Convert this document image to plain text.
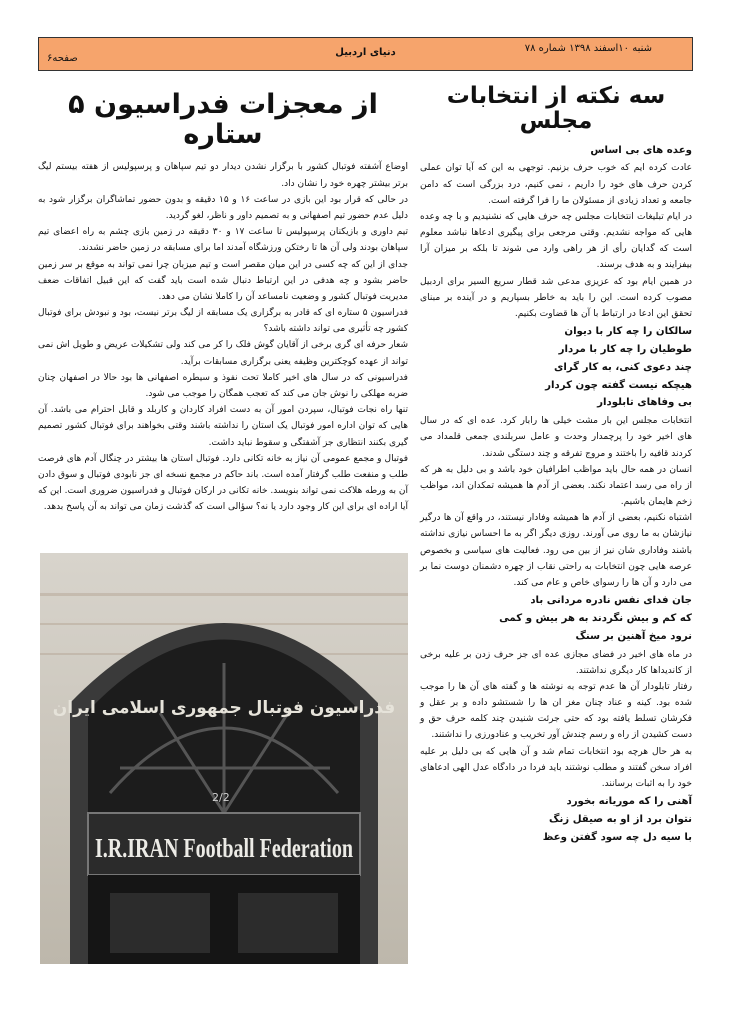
صفحه۶
دنیای اردبیل	شنبه ۱۰اسفند ۱۳۹۸ شماره ۷۸
سه نکته از انتخابات مجلس
وعده های بی اساس
عادت کرده ایم که خوب حرف بزنیم. توجهی به این که آیا توان عملی کردن حرف های خود را داریم ، نمی کنیم، درد بزرگی است که دامن جامعه و تعداد زیادی از مسئولان ما را فرا گرفته است.
در ایام تبلیغات انتخابات مجلس چه حرف هایی که نشنیدیم و با چه وعده هایی که مواجه نشدیم. وقتی مرجعی برای پیگیری ادعاها نباشد معلوم است که گدایان رأی از هر راهی وارد می شوند تا بلکه بر میزان آرا بیفزایند و به هدف برسند.
در همین ایام بود که عزیزی مدعی شد قطار سریع السیر برای اردبیل مصوب کرده است. این را باید به خاطر بسپاریم و در آینده بر مبنای تحقق این ادعا در ارتباط با آن ها قضاوت بکنیم.
سالکان را چه کار با دیوان
طوطیان را چه کار با مردار
چند دعوی کنی، به کار گرای
هیچکه نیست گفته چون کردار
بی وفاهای تابلودار
انتخابات مجلس این بار مشت خیلی ها رابار کرد. عده ای که در سال های اخیر خود را پرچمدار وحدت و عامل سربلندی جمعی قلمداد می کردند قافیه را باختند و مروج تفرقه و چند دستگی شدند.
انسان در همه حال باید مواظب اطرافیان خود باشد و بی دلیل به هر که از راه می رسد اعتماد نکند. بعضی از آدم ها همیشه تمکدان اند، مواظب زخم هایمان باشیم.
اشتباه نکنیم، بعضی از آدم ها همیشه وفادار نیستند، در واقع آن ها درگیر نیازشان به ما روی می آورند. روزی دیگر اگر به ما احساس نیازی نداشته باشند وفاداری شان نیز از بین می رود. فعالیت های سیاسی و بخصوص عرصه هایی چون انتخابات به راحتی نقاب از چهره دشمنان دوست نما بر می دارد و آن ها را رسوای خاص و عام می کند.
جان فدای نفس نادره مردانی باد
که کم و بیش نگردند به هر بیش و کمی
نرود میخ آهنین بر سنگ
در ماه های اخیر در فضای مجازی عده ای جز حرف زدن بر علیه برخی از کاندیداها کار دیگری نداشتند.
رفتار تابلودار آن ها عدم توجه به نوشته ها و گفته های آن ها را موجب شده بود. کینه و عناد چنان مغز ان ها را شستشو داده و بر عقل و فکرشان تسلط یافته بود که حتی جرئت شنیدن چند کلمه حرف حق و دست کشیدن از راه و رسم چندش آور تخریب و عنادورزی را نداشتند.
به هر حال هرچه بود انتخابات تمام شد و آن هایی که بی دلیل بر علیه افراد سخن گفتند و مطلب نوشتند باید فردا در دادگاه عدل الهی ادعاهای خود را به اثبات برسانند.
آهنی را که موریانه بخورد
نتوان برد از او به صیقل زنگ
با سیه دل چه سود گفتن وعظ
از معجزات فدراسیون ۵ ستاره
اوضاع آشفته فوتبال کشور با برگزار نشدن دیدار دو تیم سپاهان و پرسپولیس از هفته بیستم لیگ برتر بیشتر چهره خود را نشان داد.
در حالی که قرار بود این بازی در ساعت ۱۶ و ۱۵ دقیقه و بدون حضور تماشاگران برگزار شود به دلیل عدم حضور تیم اصفهانی و به تصمیم داور و ناظر، لغو گردید.
تیم داوری و بازیکنان پرسپولیس تا ساعت ۱۷ و ۳۰ دقیقه در زمین بازی چشم به راه اعضای تیم سپاهان بودند ولی آن ها تا رختکن ورزشگاه آمدند اما برای مسابقه در زمین حاضر نشدند.
جدای از این که چه کسی در این میان مقصر است و تیم میزبان چرا نمی تواند به موقع بر سر زمین حاضر بشود و چه هدفی در این ارتباط دنبال شده است باید گفت که این قبیل اتفاقات ضعف مدیریت فوتبال کشور و وضعیت نامساعد آن را کاملا نشان می دهد.
فدراسیون ۵ ستاره ای که قادر به برگزاری یک مسابقه از لیگ برتر نیست، بود و نبودش برای فوتبال کشور چه تأثیری می تواند داشته باشد؟
شعار حرفه ای گری برخی از آقایان گوش فلک را کر می کند ولی تشکیلات عریض و طویل اش نمی تواند از عهده کوچکترین وظیفه یعنی برگزاری مسابقات برآید.
فدراسیونی که در سال های اخیر کاملا تحت نفوذ و سیطره اصفهانی ها بود حالا در اصفهان چنان ضربه مهلکی را نوش جان می کند که تعجب همگان را موجب می شود.
تنها راه نجات فوتبال، سپردن امور آن به دست افراد کاردان و کاربلد و قابل احترام می باشد. آن هایی که توان اداره امور فوتبال یک استان را نداشته باشند وقتی بخواهند برای فوتبال کشور تصمیم گیری بکنند انتظاری جز آشفتگی و سقوط نباید داشت.
فوتبال و مجمع عمومی آن نیاز به خانه تکانی دارد. فوتبال استان ها بیشتر در چنگال آدم های فرصت طلب و منفعت طلب گرفتار آمده است. باند حاکم در مجمع نسخه ای جز نابودی فوتبال و سوق دادن آن به ورطه هلاکت نمی تواند بنویسد. خانه تکانی در ارکان فوتبال و فدراسیون ضروری است. این که آیا اراده ای برای این کار وجود دارد یا نه؟ سؤالی است که گذشت زمان می تواند به آن پاسخ بدهد.
I.R.IRAN Football Federation
فدراسیون فوتبال جمهوری اسلامی ایران
2/2
